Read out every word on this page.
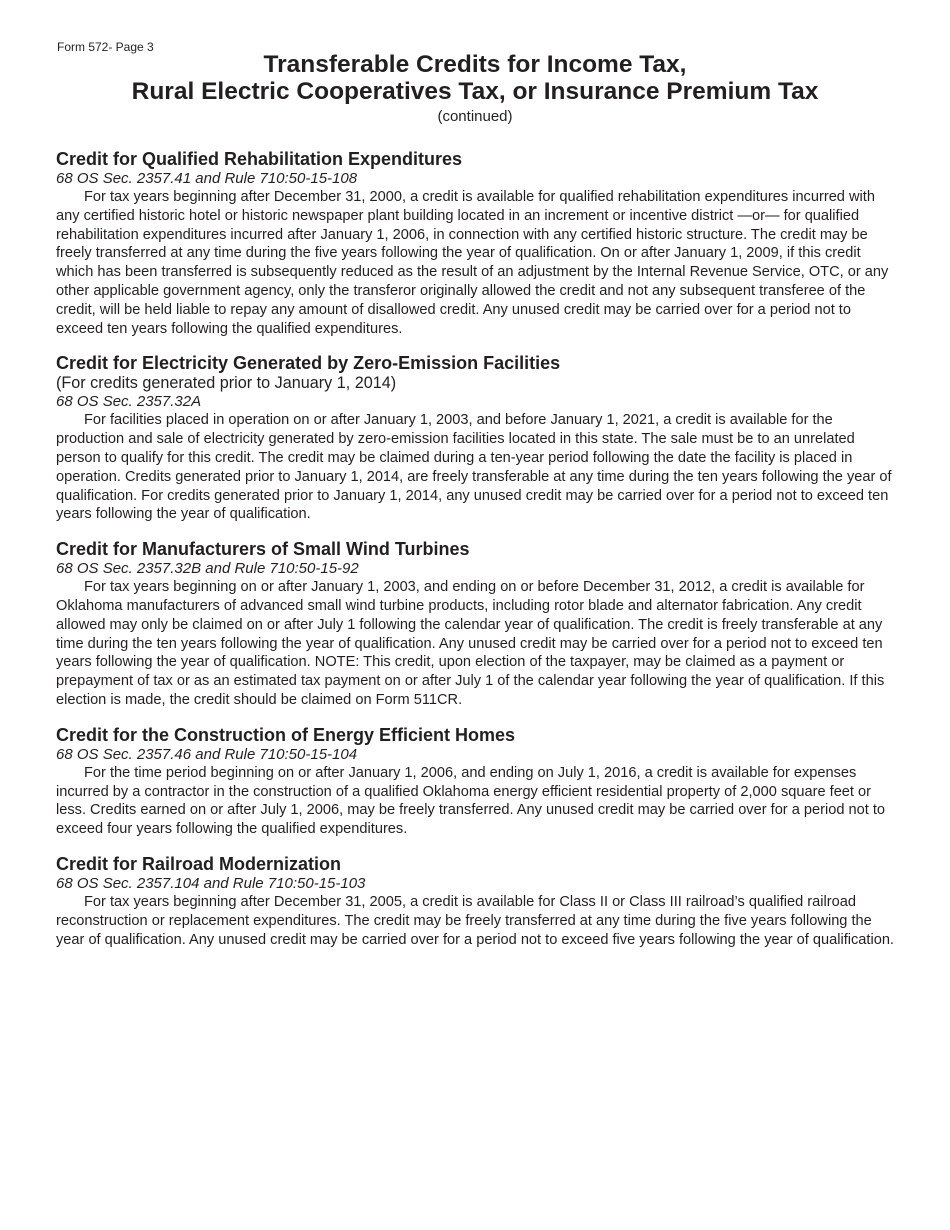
Form 572- Page 3
Transferable Credits for Income Tax,
Rural Electric Cooperatives Tax, or Insurance Premium Tax
(continued)
Credit for Qualified Rehabilitation Expenditures
68 OS Sec. 2357.41 and Rule 710:50-15-108

For tax years beginning after December 31, 2000, a credit is available for qualified rehabilitation expenditures incurred with any certified historic hotel or historic newspaper plant building located in an increment or incentive district —or— for qualified rehabilitation expenditures incurred after January 1, 2006, in connection with any certified historic structure. The credit may be freely transferred at any time during the five years following the year of qualification. On or after January 1, 2009, if this credit which has been transferred is subsequently reduced as the result of an adjustment by the Internal Revenue Service, OTC, or any other applicable government agency, only the transferor originally allowed the credit and not any subsequent transferee of the credit, will be held liable to repay any amount of disallowed credit. Any unused credit may be carried over for a period not to exceed ten years following the qualified expenditures.

Credit for Electricity Generated by Zero-Emission Facilities
(For credits generated prior to January 1, 2014)
68 OS Sec. 2357.32A

For facilities placed in operation on or after January 1, 2003, and before January 1, 2021, a credit is available for the production and sale of electricity generated by zero-emission facilities located in this state. The sale must be to an unrelated person to qualify for this credit. The credit may be claimed during a ten-year period following the date the facility is placed in operation. Credits generated prior to January 1, 2014, are freely transferable at any time during the ten years following the year of qualification. For credits generated prior to January 1, 2014, any unused credit may be carried over for a period not to exceed ten years following the year of qualification.

Credit for Manufacturers of Small Wind Turbines
68 OS Sec. 2357.32B and Rule 710:50-15-92

For tax years beginning on or after January 1, 2003, and ending on or before December 31, 2012, a credit is available for Oklahoma manufacturers of advanced small wind turbine products, including rotor blade and alternator fabrication. Any credit allowed may only be claimed on or after July 1 following the calendar year of qualification. The credit is freely transferable at any time during the ten years following the year of qualification. Any unused credit may be carried over for a period not to exceed ten years following the year of qualification. NOTE: This credit, upon election of the taxpayer, may be claimed as a payment or prepayment of tax or as an estimated tax payment on or after July 1 of the calendar year following the year of qualification. If this election is made, the credit should be claimed on Form 511CR.

Credit for the Construction of Energy Efficient Homes
68 OS Sec. 2357.46 and Rule 710:50-15-104

For the time period beginning on or after January 1, 2006, and ending on July 1, 2016, a credit is available for expenses incurred by a contractor in the construction of a qualified Oklahoma energy efficient residential property of 2,000 square feet or less. Credits earned on or after July 1, 2006, may be freely transferred. Any unused credit may be carried over for a period not to exceed four years following the qualified expenditures.

Credit for Railroad Modernization
68 OS Sec. 2357.104 and Rule 710:50-15-103

For tax years beginning after December 31, 2005, a credit is available for Class II or Class III railroad’s qualified railroad reconstruction or replacement expenditures. The credit may be freely transferred at any time during the five years following the year of qualification. Any unused credit may be carried over for a period not to exceed five years following the year of qualification.
